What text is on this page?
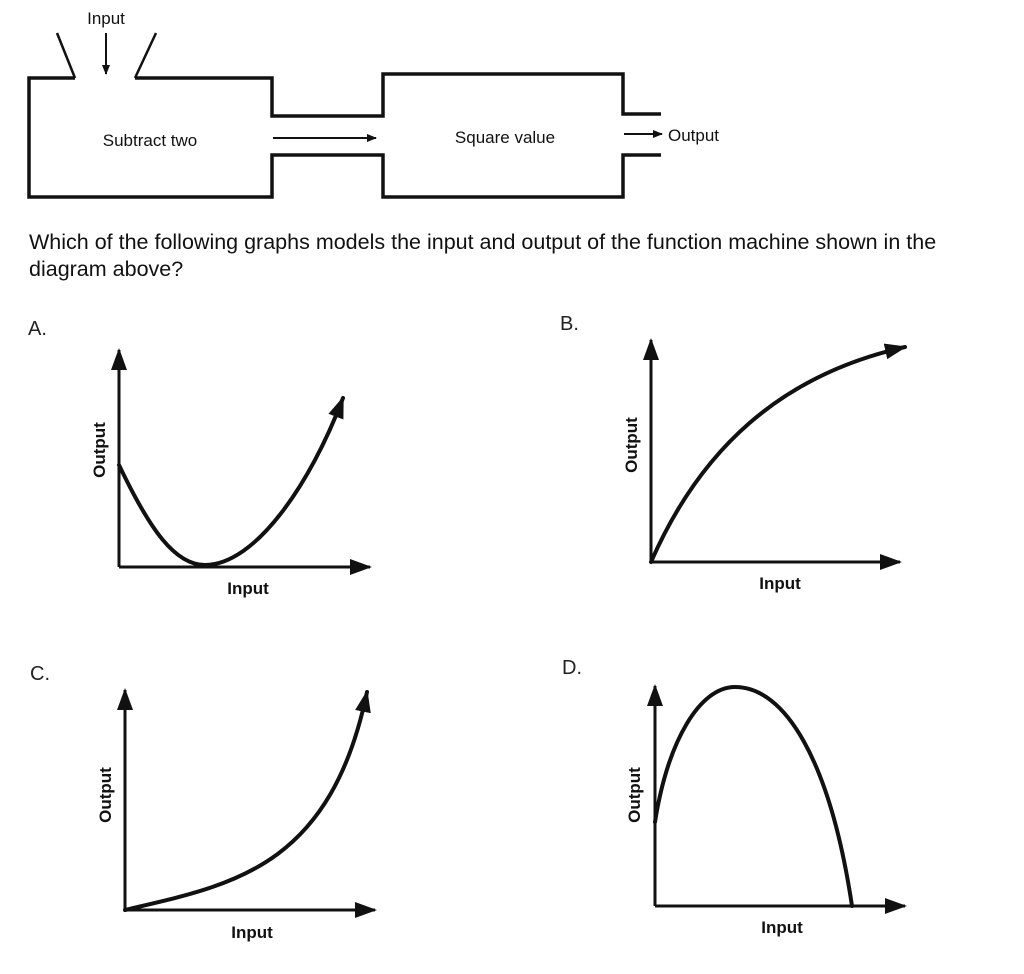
Input
Subtract two	Square value	Output
A.
Input
Output
B.
Input
Output
C.
Input
Output
D.
Input
Output

Which of the following graphs models the input and output of the function machine shown in the diagram above?
